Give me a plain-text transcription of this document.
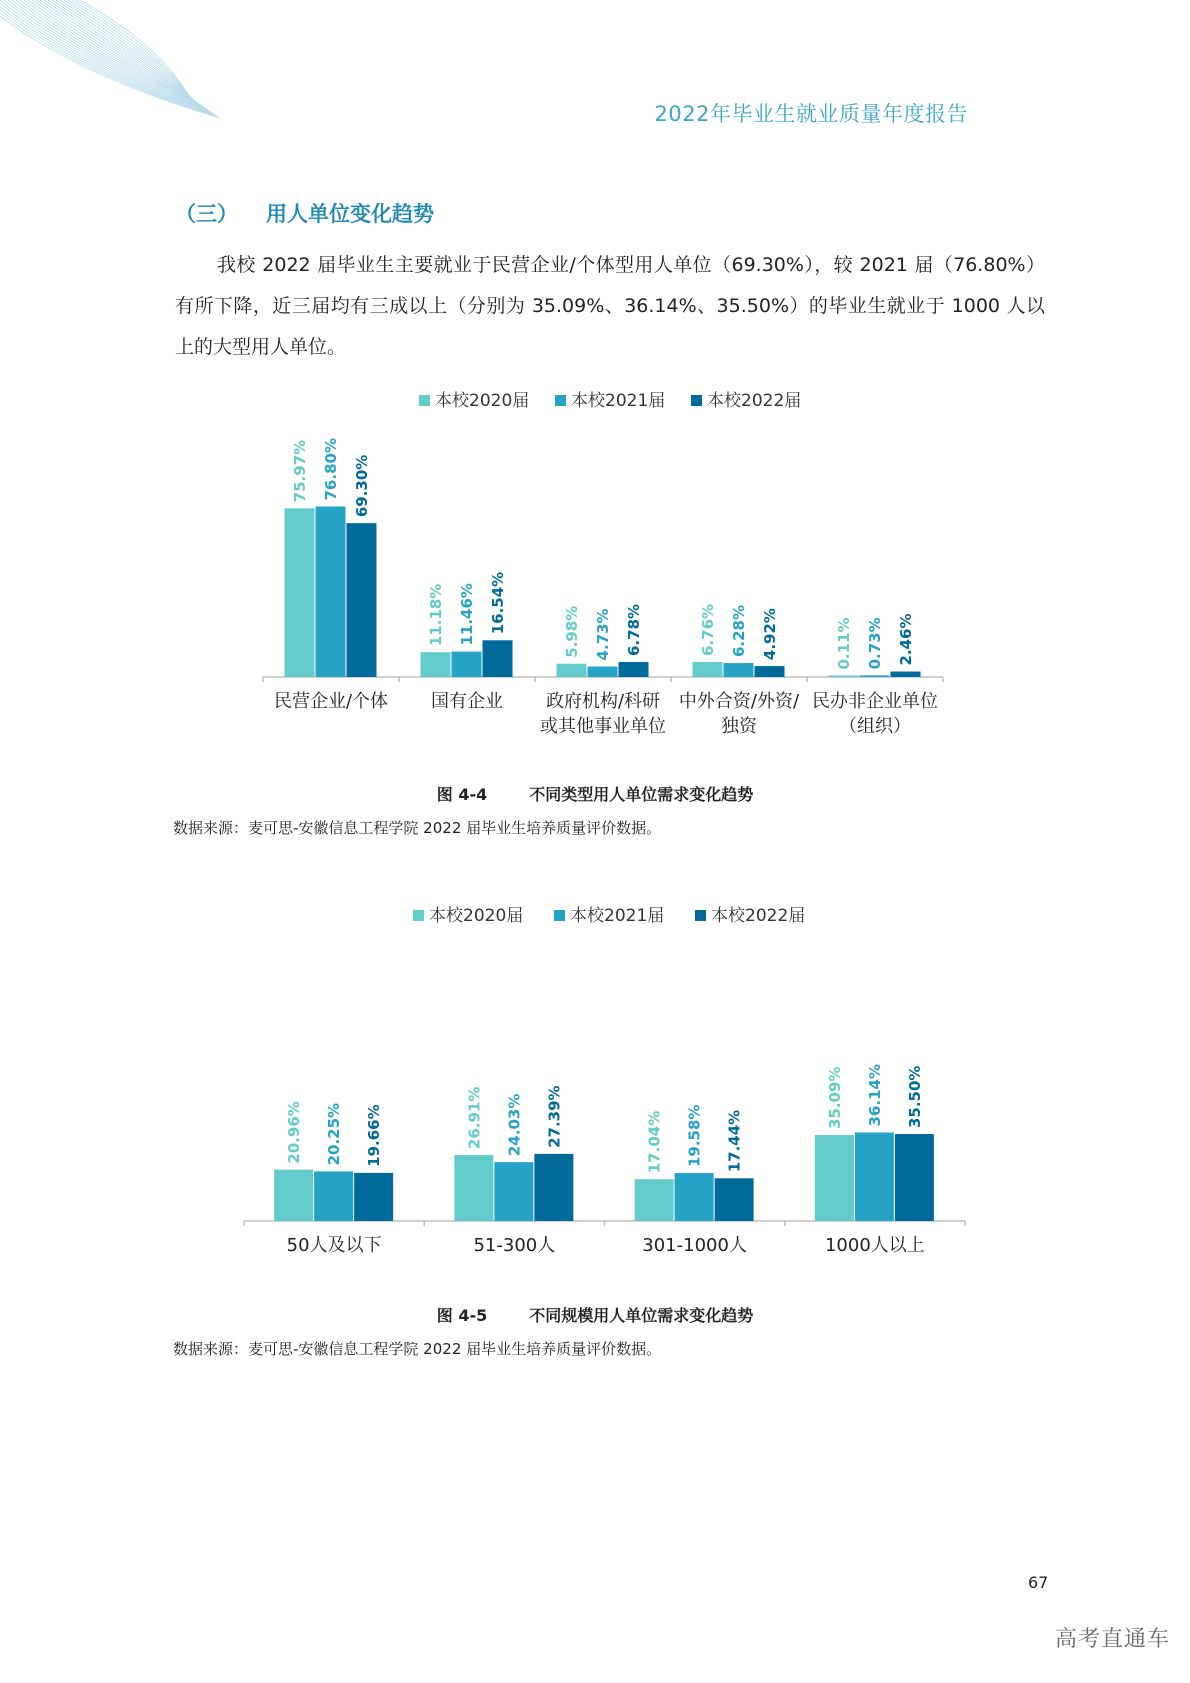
2022年毕业生就业质量年度报告
（三） 用人单位变化趋势

我校 2022 届毕业生主要就业于民营企业/个体型用人单位（69.30%），较 2021 届（76.80%）有所下降，近三届均有三成以上（分别为 35.09%、36.14%、35.50%）的毕业生就业于 1000 人以上的大型用人单位。

本校2020届 本校2021届 本校2022届
75.97% 76.80% 69.30%
民营企业/个体
11.18% 11.46% 16.54%
国有企业
5.98% 4.73% 6.78%
政府机构/科研
或其他事业单位
6.76% 6.28% 4.92%
中外合资/外资/
独资
0.11% 0.73% 2.46%
民办非企业单位
（组织）

图 4-4	不同类型用人单位需求变化趋势

数据来源：麦可思-安徽信息工程学院 2022 届毕业生培养质量评价数据。

本校2020届	本校2021届	本校2022届
20.96% 20.25% 19.66%
50人及以下
26.91% 24.03% 27.39%
51-300人
17.04% 19.58% 17.44%
301-1000人
35.09% 36.14% 35.50%
1000人以上

图 4-5	不同规模用人单位需求变化趋势

数据来源：麦可思-安徽信息工程学院 2022 届毕业生培养质量评价数据。

67
高考直通车
